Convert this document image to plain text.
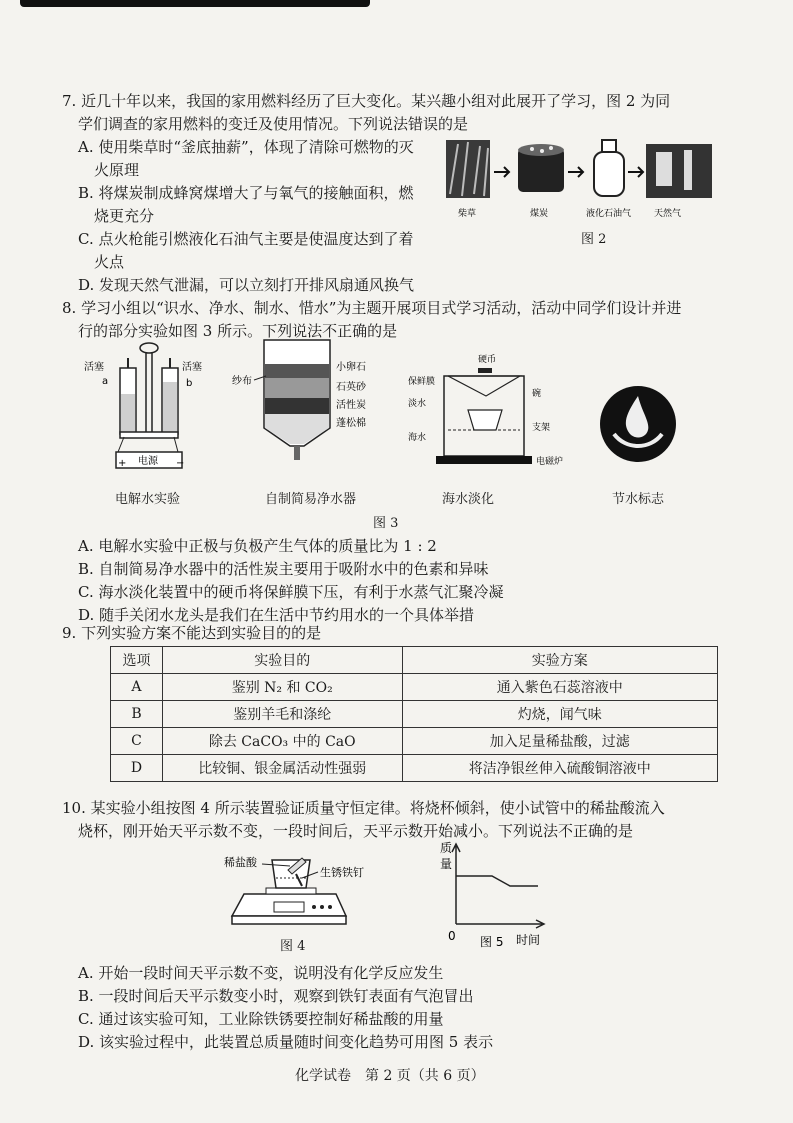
7. 近几十年以来，我国的家用燃料经历了巨大变化。某兴趣小组对此展开了学习，图 2 为同
学们调查的家用燃料的变迁及使用情况。下列说法错误的是
A. 使用柴草时“釜底抽薪”，体现了清除可燃物的灭
火原理
B. 将煤炭制成蜂窝煤增大了与氧气的接触面积，燃
烧更充分
C. 点火枪能引燃液化石油气主要是使温度达到了着
火点
D. 发现天然气泄漏，可以立刻打开排风扇通风换气
柴草	煤炭	液化石油气	天然气
图 2
8. 学习小组以“识水、净水、制水、惜水”为主题开展项目式学习活动，活动中同学们设计并进
行的部分实验如图 3 所示。下列说法不正确的是
电源
活塞	活塞
a	b
+	−
电解水实验
纱布
小卵石
石英砂
活性炭
蓬松棉
自制简易净水器
硬币
保鲜膜
淡水
碗
支架
海水
电磁炉
海水淡化	节水标志
图 3
A. 电解水实验中正极与负极产生气体的质量比为 1 : 2
B. 自制简易净水器中的活性炭主要用于吸附水中的色素和异味
C. 海水淡化装置中的硬币将保鲜膜下压，有利于水蒸气汇聚冷凝
D. 随手关闭水龙头是我们在生活中节约用水的一个具体举措
9. 下列实验方案不能达到实验目的的是
选项	实验目的	实验方案
A	鉴别 N₂ 和 CO₂	通入紫色石蕊溶液中
B	鉴别羊毛和涤纶	灼烧，闻气味
C	除去 CaCO₃ 中的 CaO	加入足量稀盐酸，过滤
D	比较铜、银金属活动性强弱	将洁净银丝伸入硫酸铜溶液中
10. 某实验小组按图 4 所示装置验证质量守恒定律。将烧杯倾斜，使小试管中的稀盐酸流入
烧杯，刚开始天平示数不变，一段时间后，天平示数开始减小。下列说法不正确的是
稀盐酸
生锈铁钉
图 4
质
量
0 图 5 时间
A. 开始一段时间天平示数不变，说明没有化学反应发生
B. 一段时间后天平示数变小时，观察到铁钉表面有气泡冒出
C. 通过该实验可知，工业除铁锈要控制好稀盐酸的用量
D. 该实验过程中，此装置总质量随时间变化趋势可用图 5 表示
化学试卷　第 2 页（共 6 页）
